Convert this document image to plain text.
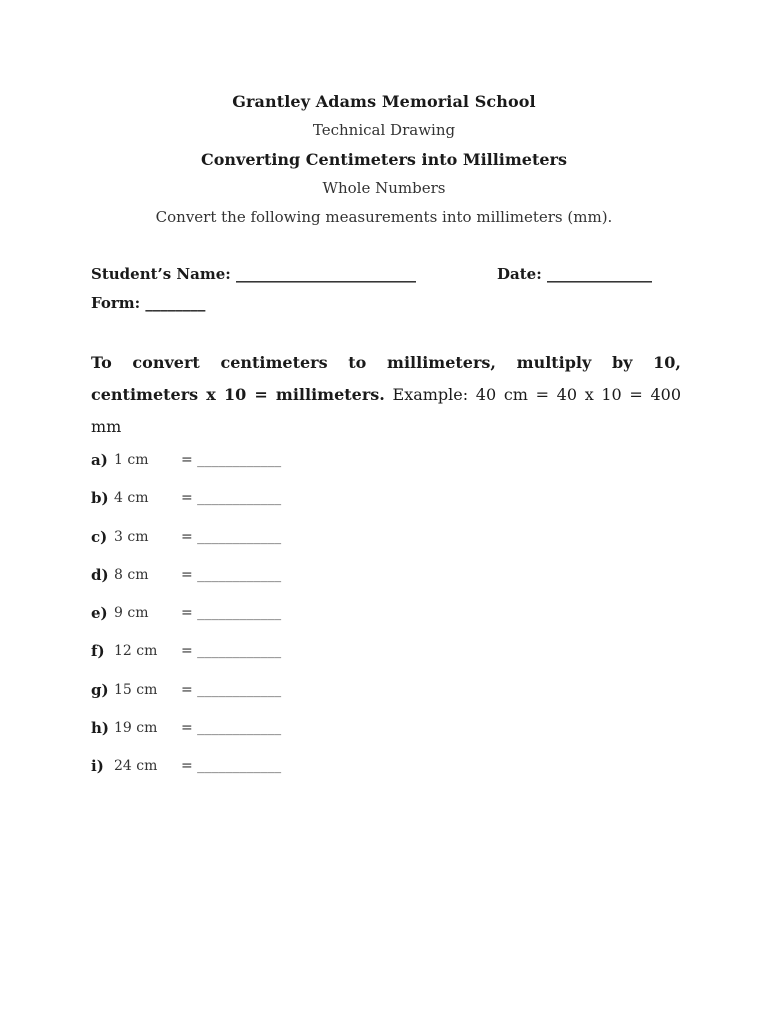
Grantley Adams Memorial School
Technical Drawing
Converting Centimeters into Millimeters
Whole Numbers
Convert the following measurements into millimeters (mm).
Student’s Name: ________________________	Date: ______________
Form: ________
To convert centimeters to millimeters, multiply by 10, centimeters x 10 = millimeters. Example: 40 cm = 40 x 10 = 400 mm
a) 1 cm = ____________
b) 4 cm = ____________
c) 3 cm = ____________
d) 8 cm = ____________
e) 9 cm = ____________
f) 12 cm = ____________
g) 15 cm = ____________
h) 19 cm = ____________
i) 24 cm = ____________
